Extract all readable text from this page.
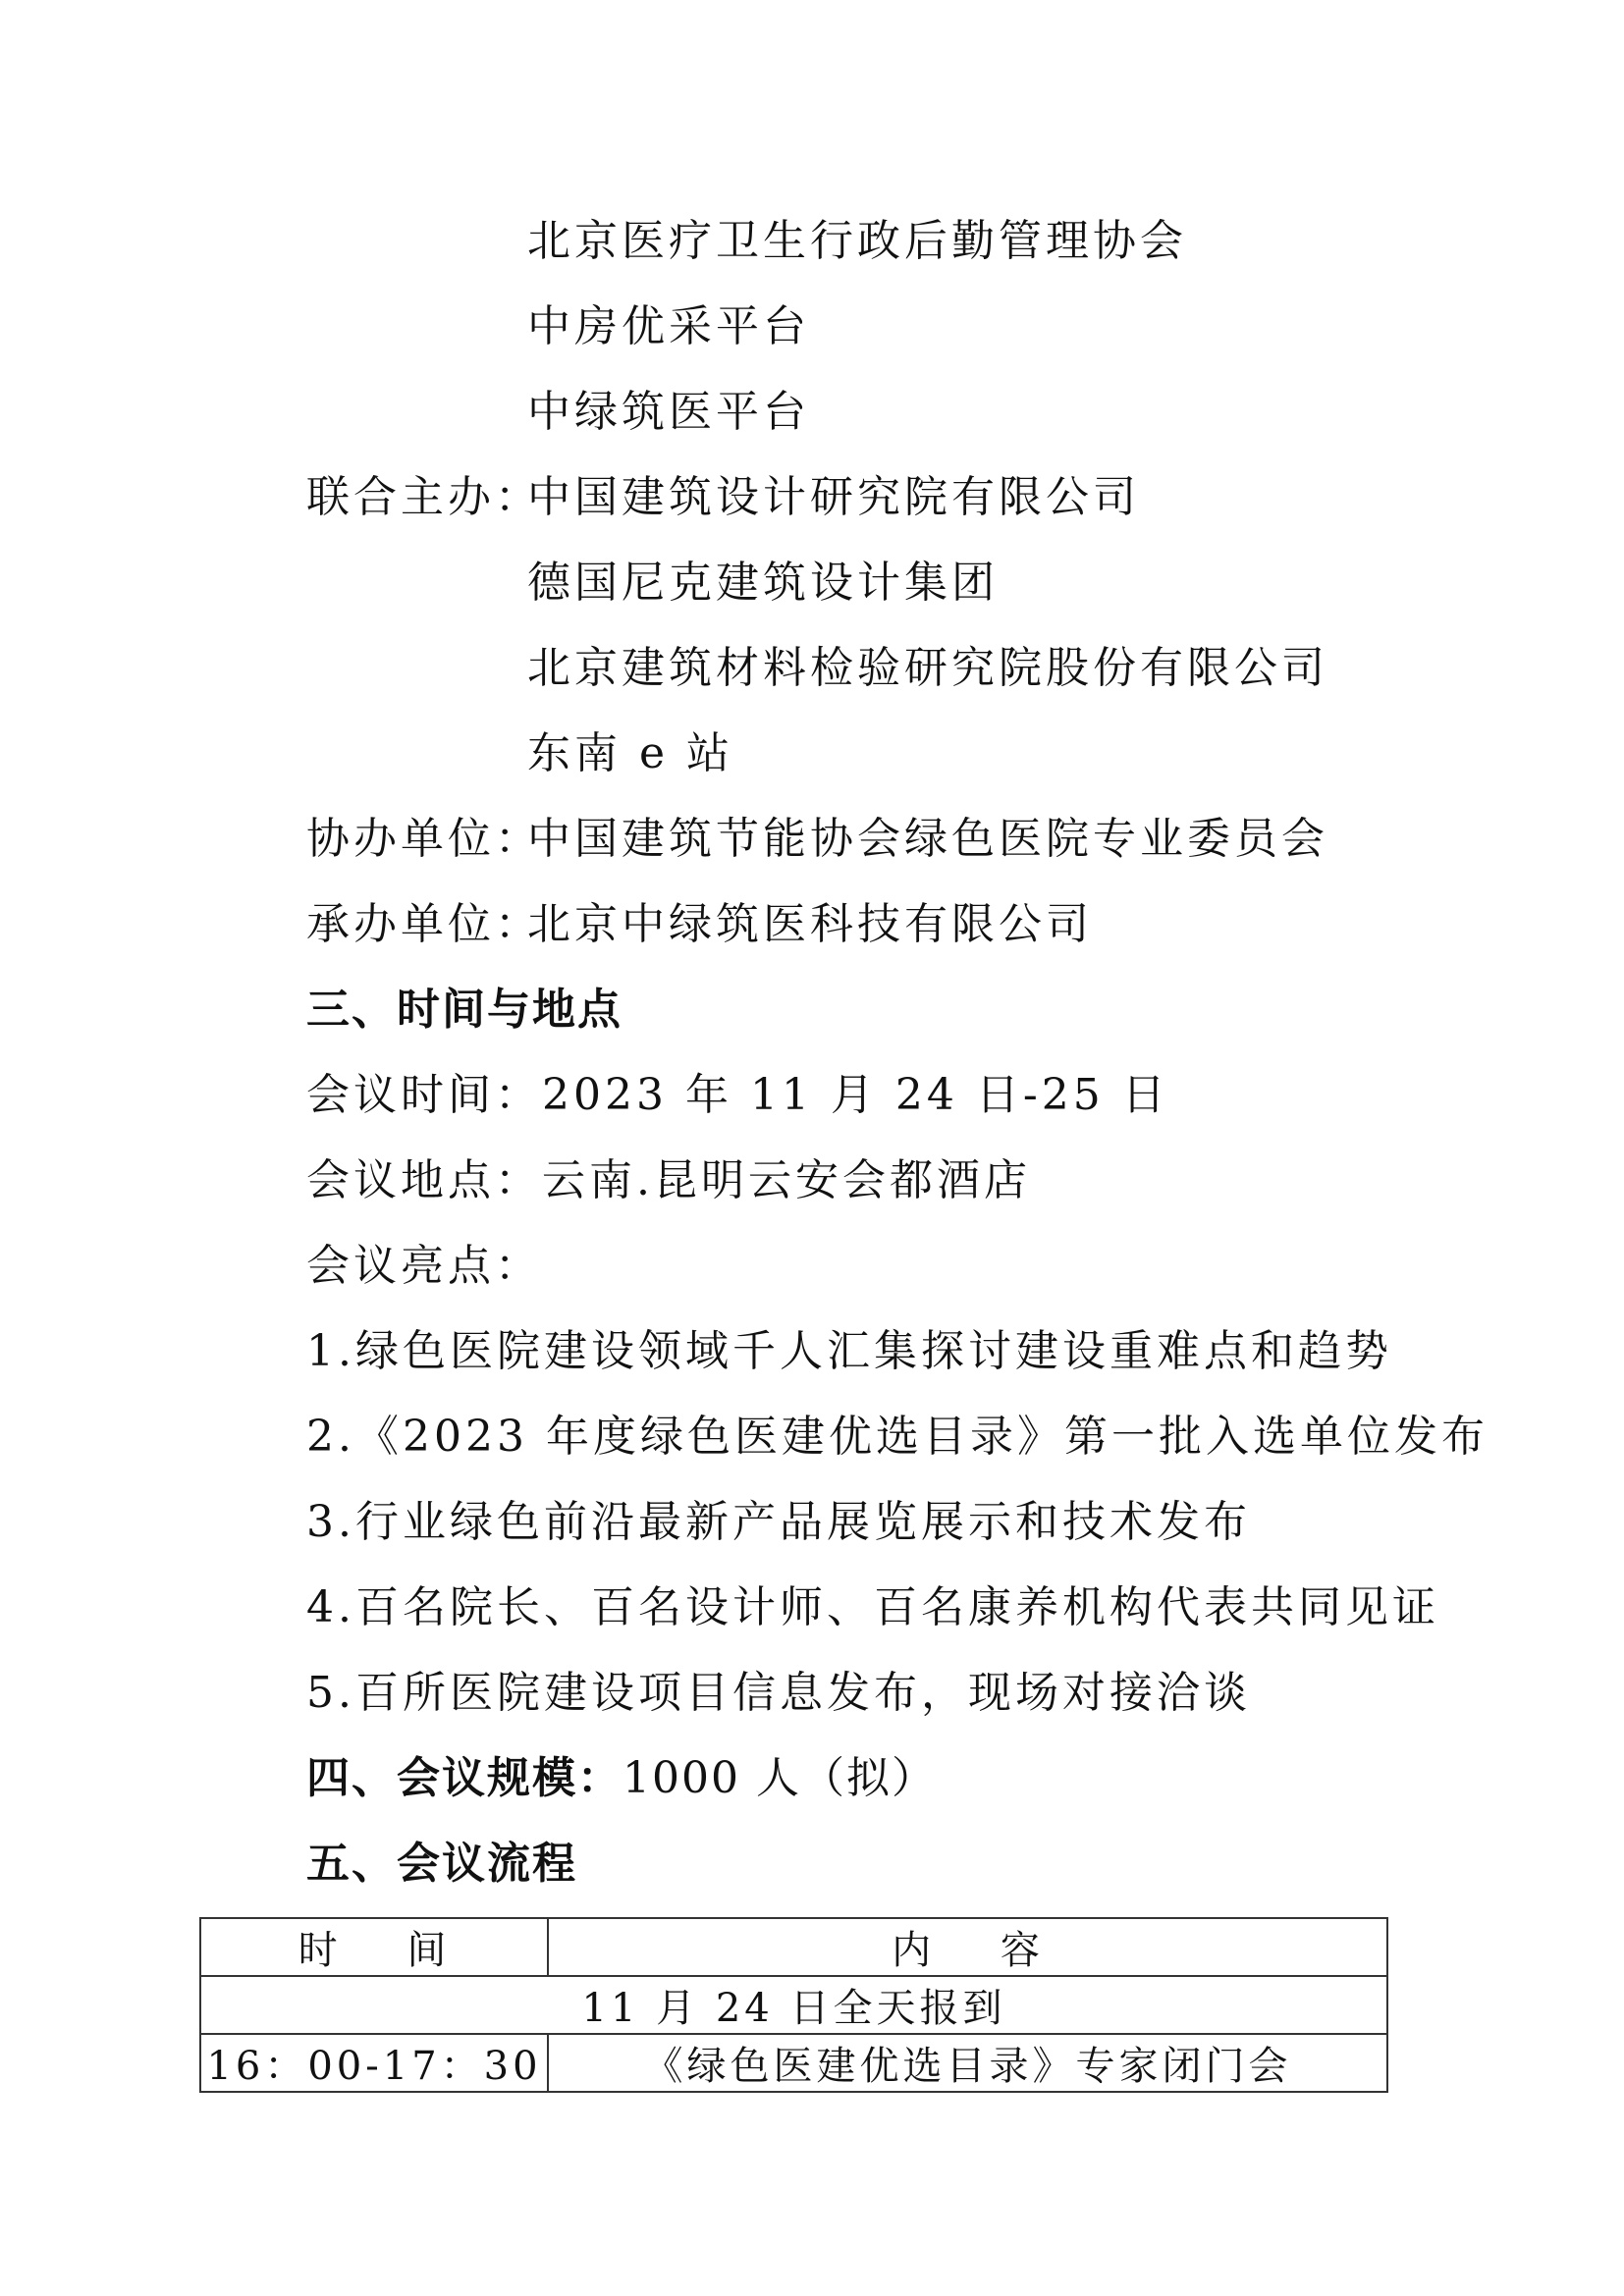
北京医疗卫生行政后勤管理协会
中房优采平台
中绿筑医平台
联合主办：
中国建筑设计研究院有限公司
德国尼克建筑设计集团
北京建筑材料检验研究院股份有限公司
东南 e 站
协办单位：
中国建筑节能协会绿色医院专业委员会
承办单位：
北京中绿筑医科技有限公司
三、时间与地点
会议时间：2023 年 11 月 24 日-25 日
会议地点：云南.昆明云安会都酒店
会议亮点：
1.绿色医院建设领域千人汇集探讨建设重难点和趋势
2.《2023 年度绿色医建优选目录》第一批入选单位发布
3.行业绿色前沿最新产品展览展示和技术发布
4.百名院长、百名设计师、百名康养机构代表共同见证
5.百所医院建设项目信息发布，现场对接洽谈
四、会议规模：1000 人（拟）
五、会议流程
时    间	内    容
11 月 24 日全天报到	
16：00-17：30	《绿色医建优选目录》专家闭门会
